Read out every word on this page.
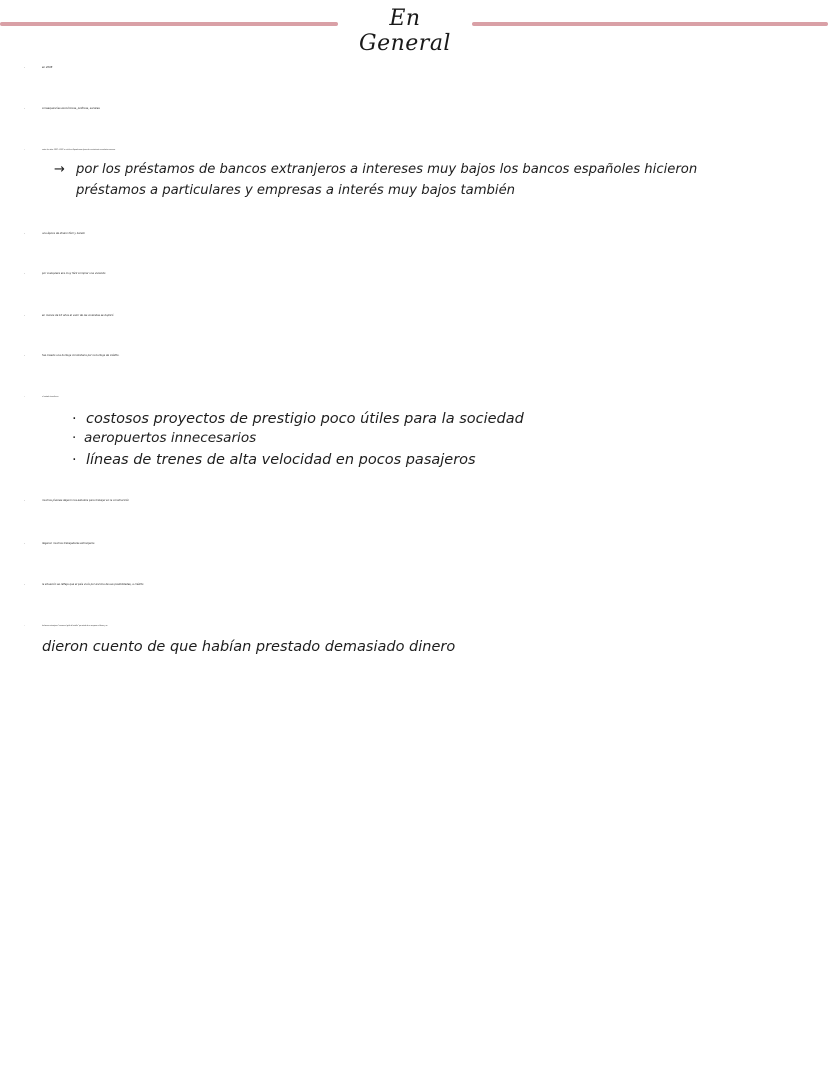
En General
-	en 2008
-	consequencías económicas, políticas, sociales
-	entre los años 1997 - 2007 se vivió en España una época de crecimiento económico enorme
→ por los préstamos de bancos extranjeros a intereses muy bajos los bancos españoles hicieron
préstamos a particulares y empresas a interés muy bajos también
-	una época de dinero fácil y barato
-	por cualquiera era muy fácil comprar una viviendo
-	en menos de 10 años el valor de las viviendas se duplicó
-	fue creado una burbuja inmobiliaria por la burbuja de crédito.
-	el estado invertía en:
· costosos proyectos de prestigio poco útiles para la sociedad
· aeropuertos innecesarios
· líneas de trenes de alta velocidad en pocos pasajeros
-	muchos jóvenes dejaron los estudios para trabajar en la construcción
-	llegaron muchos trabajadores extranjeros
-	la situación se refleja que el país vivía por encima de sus posibilidades, a crédito
-	los bancos extranjeros "cerraron el grifo del crédito" por miedo de no recuperar el dinero y se
dieron cuento de que habían prestado demasiado dinero
